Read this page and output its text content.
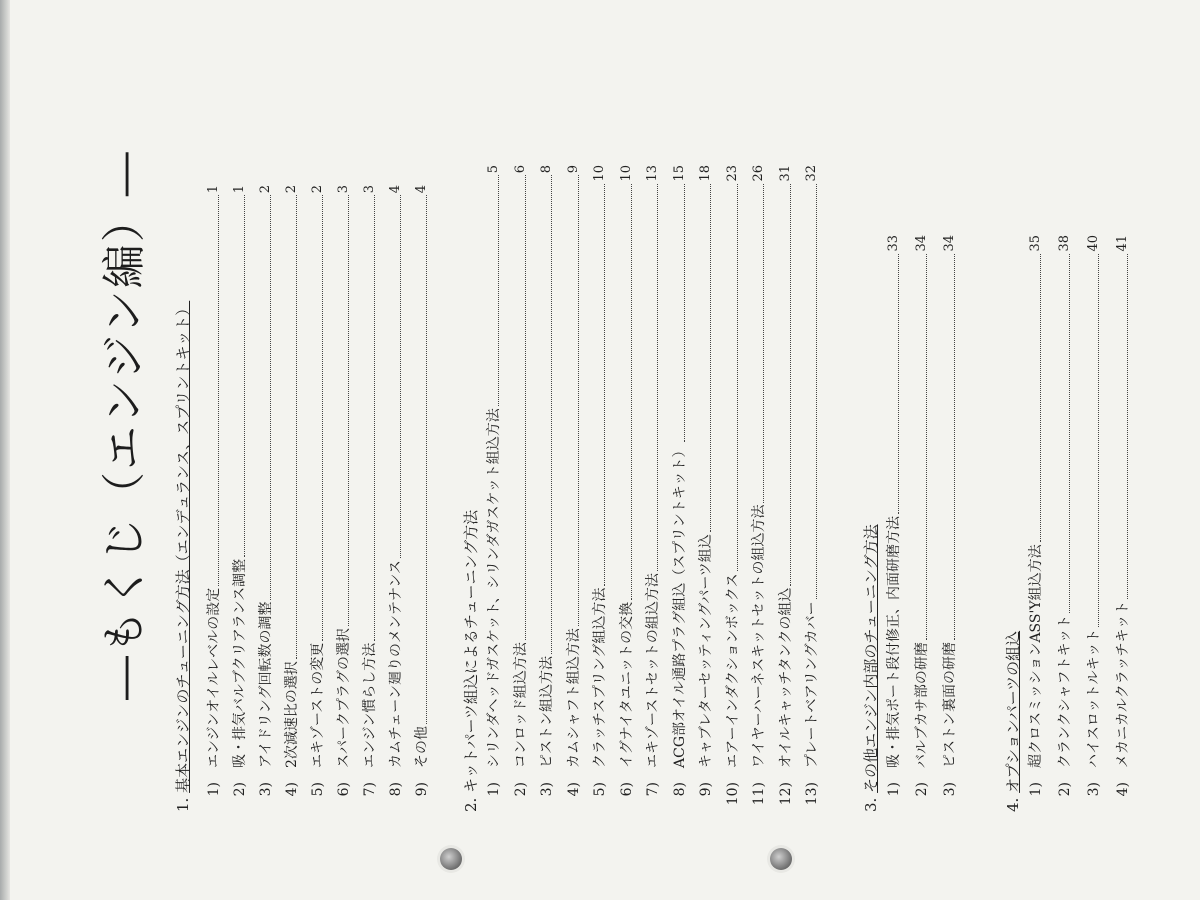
―もくじ（エンジン編）―
1. 基本エンジンのチューニング方法（エンデュランス、スプリントキット） 1)
エンジンオイルレベルの設定
1
2)
吸・排気バルブクリアランス調整
1
3)
アイドリング回転数の調整
2
4)
2次減速比の選択
2
5)
エキゾーストの変更
2
6)
スパークプラグの選択
3
7)
エンジン慣らし方法
3
8)
カムチェーン廻りのメンテナンス
4
9)
その他
4
2. キットパーツ組込によるチューニング方法 1)
シリンダヘッドガスケット、シリンダガスケット組込方法
5
2)
コンロッド組込方法
6
3)
ピストン組込方法
8
4)
カムシャフト組込方法
9
5)
クラッチスプリング組込方法
10
6)
イグナイタユニットの交換
10
7)
エキゾーストセットの組込方法
13
8)
ACG部オイル通路プラグ組込（スプリントキット）
15
9)
キャブレターセッティングパーツ組込
18
10)
エアーインダクションボックス
23
11)
ワイヤーハーネスキットセットの組込方法
26
12)
オイルキャッチタンクの組込
31
13)
プレートベアリングカバー
32
3. その他エンジン内部のチューニング方法 1)
吸・排気ポート段付修正、内面研磨方法
33
2)
バルブカサ部の研磨
34
3)
ピストン裏面の研磨
34
4. オプションパーツの組込 1)
超クロスミッションASS'Y組込方法
35
2)
クランクシャフトキット
38
3)
ハイスロットルキット
40
4)
メカニカルクラッチキット
41
